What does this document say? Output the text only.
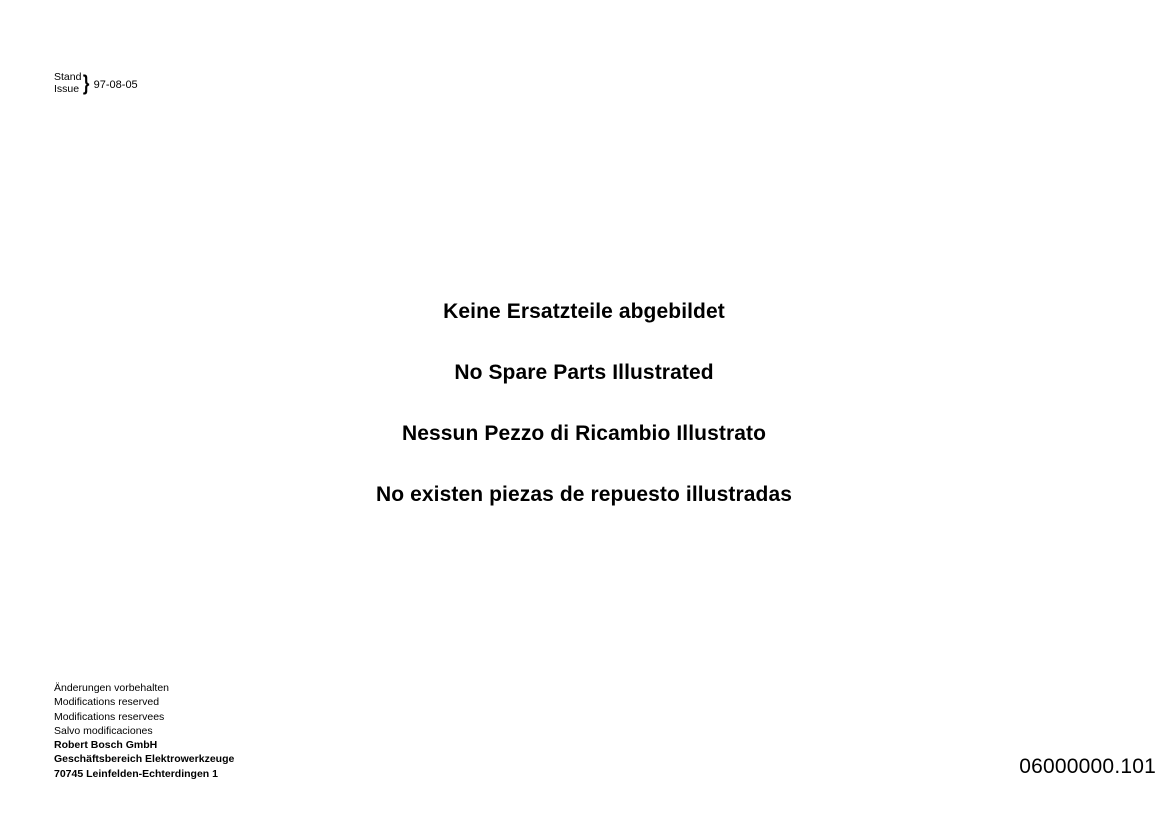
Stand
Issue } 97-08-05

Keine Ersatzteile abgebildet

No Spare Parts Illustrated

Nessun Pezzo di Ricambio Illustrato

No existen piezas de repuesto illustradas

Änderungen vorbehalten
Modifications reserved
Modifications reservees
Salvo modificaciones
Robert Bosch GmbH
Geschäftsbereich Elektrowerkzeuge
70745 Leinfelden-Echterdingen 1	06000000.101
